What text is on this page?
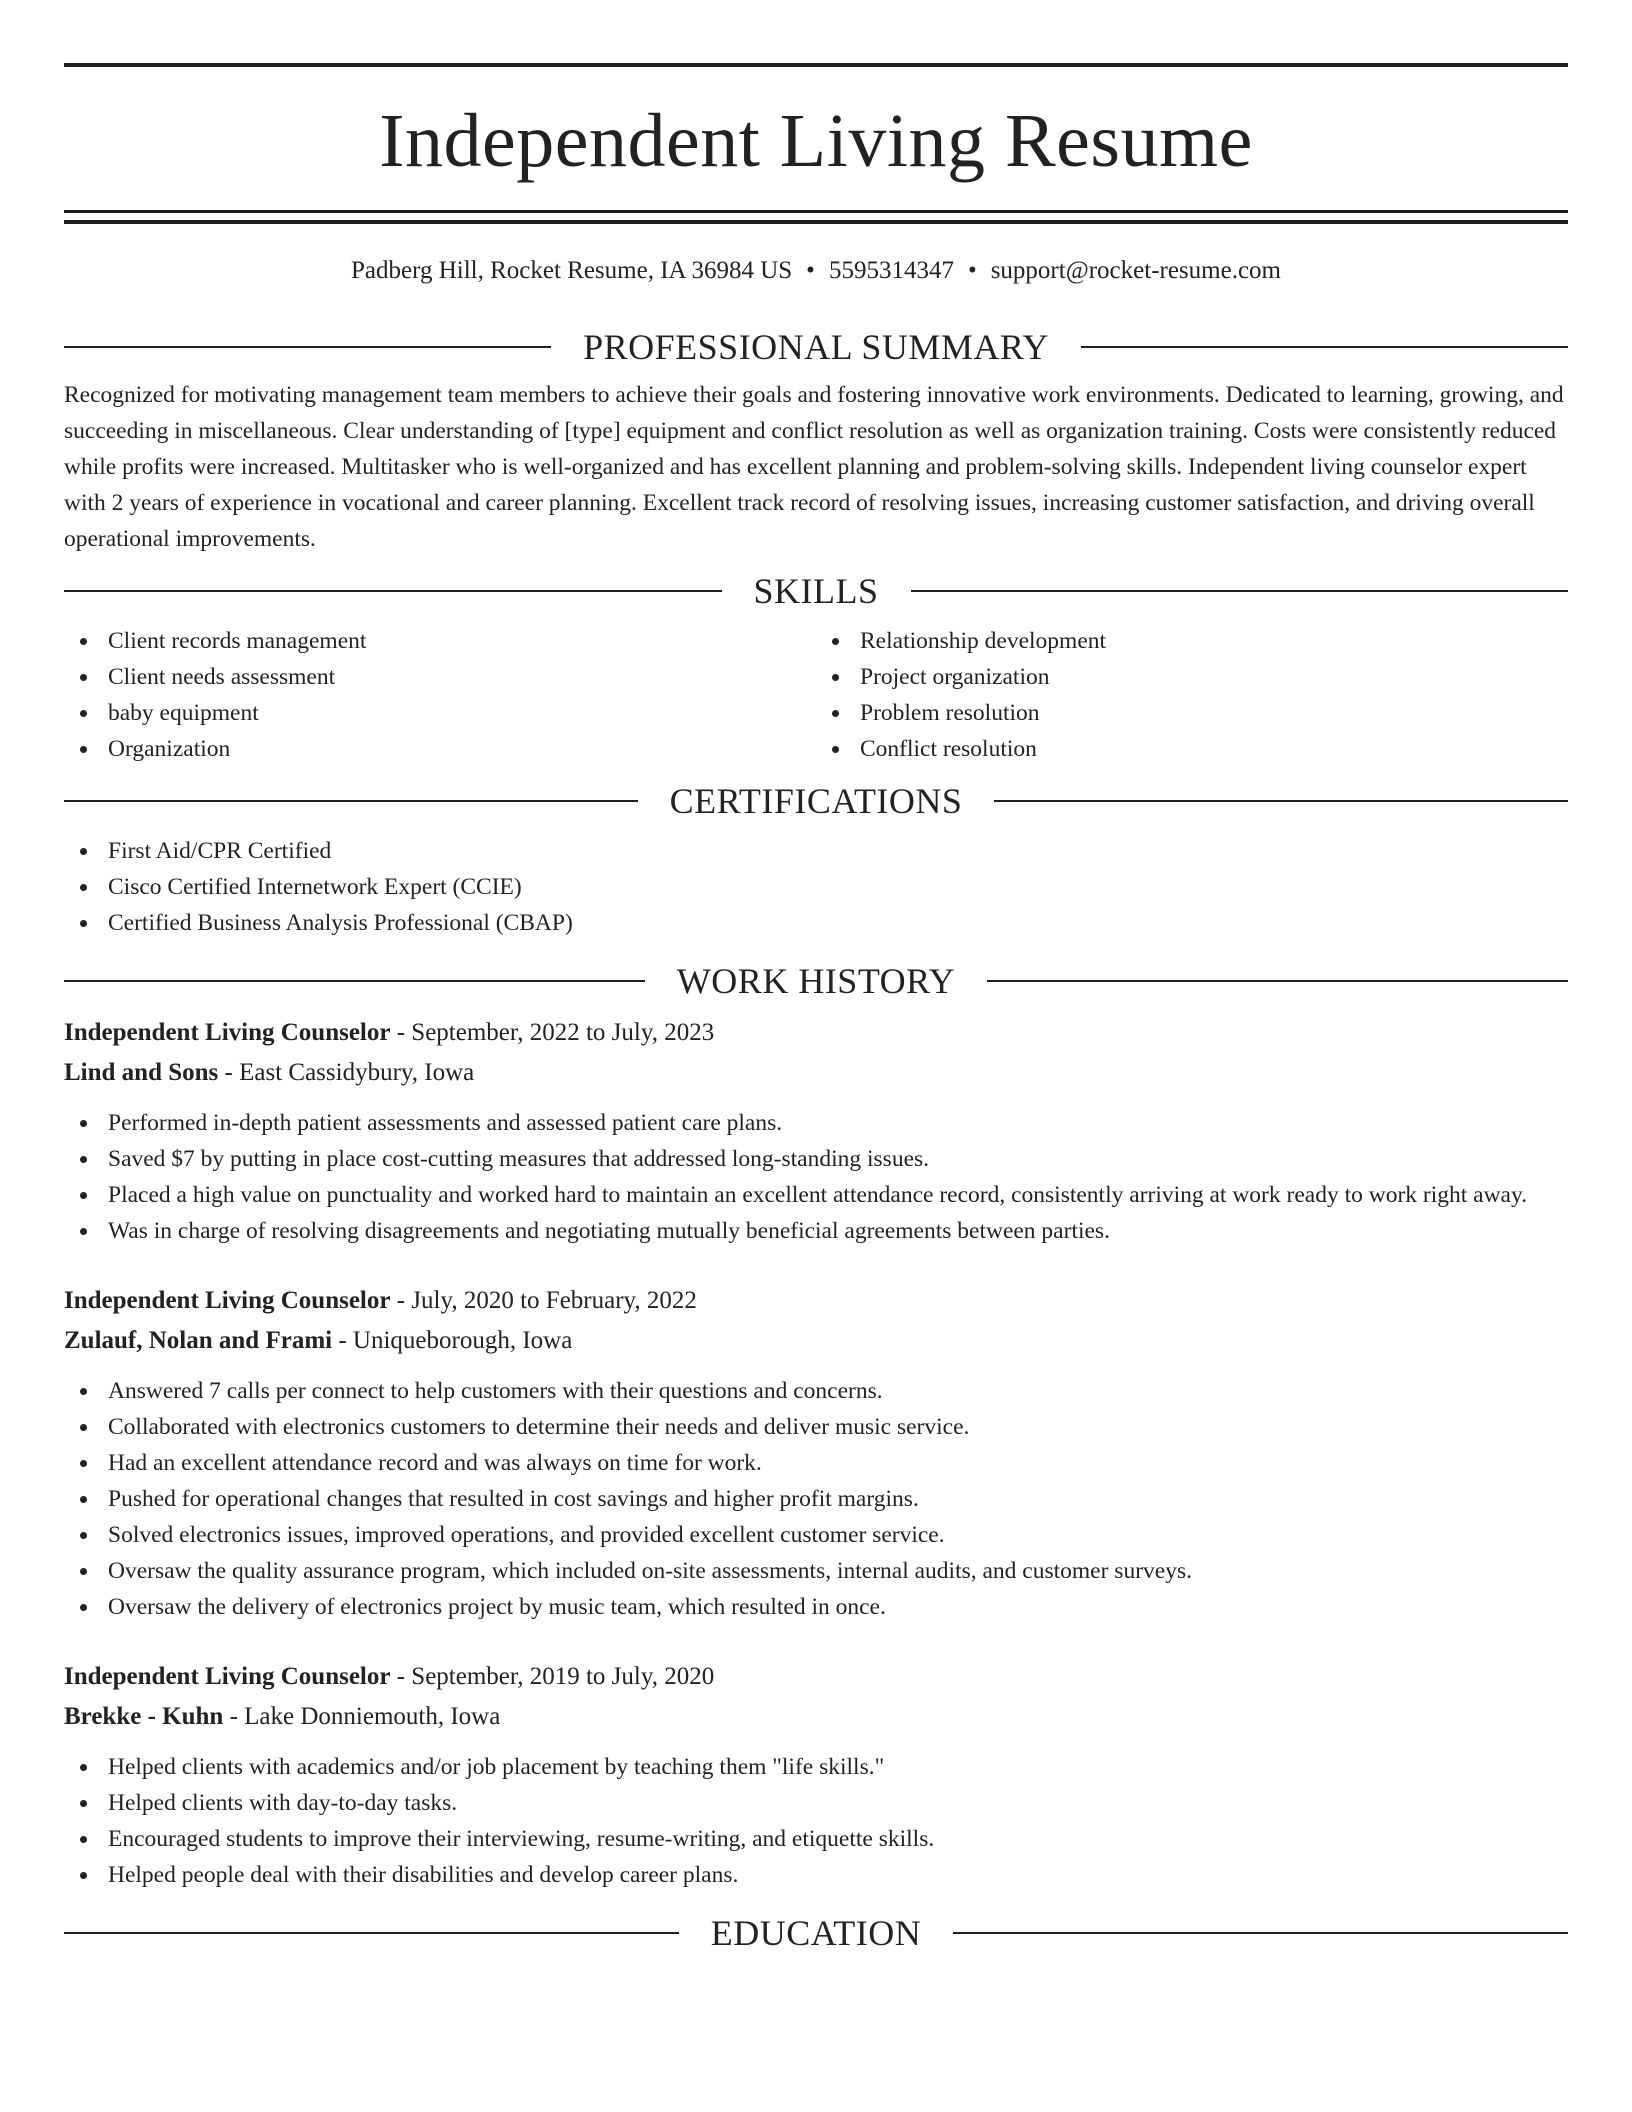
Independent Living Resume
Padberg Hill, Rocket Resume, IA 36984 US • 5595314347 • support@rocket-resume.com
PROFESSIONAL SUMMARY

Recognized for motivating management team members to achieve their goals and fostering innovative work environments. Dedicated to learning, growing, and succeeding in miscellaneous. Clear understanding of [type] equipment and conflict resolution as well as organization training. Costs were consistently reduced while profits were increased. Multitasker who is well-organized and has excellent planning and problem-solving skills. Independent living counselor expert with 2 years of experience in vocational and career planning. Excellent track record of resolving issues, increasing customer satisfaction, and driving overall operational improvements.

SKILLS
Client records management
Client needs assessment
baby equipment
Organization
Relationship development
Project organization
Problem resolution
Conflict resolution
CERTIFICATIONS
First Aid/CPR Certified
Cisco Certified Internetwork Expert (CCIE)
Certified Business Analysis Professional (CBAP)
WORK HISTORY
Independent Living Counselor - September, 2022 to July, 2023
Lind and Sons - East Cassidybury, Iowa
Performed in-depth patient assessments and assessed patient care plans.
Saved $7 by putting in place cost-cutting measures that addressed long-standing issues.
Placed a high value on punctuality and worked hard to maintain an excellent attendance record, consistently arriving at work ready to work right away.
Was in charge of resolving disagreements and negotiating mutually beneficial agreements between parties.
Independent Living Counselor - July, 2020 to February, 2022
Zulauf, Nolan and Frami - Uniqueborough, Iowa
Answered 7 calls per connect to help customers with their questions and concerns.
Collaborated with electronics customers to determine their needs and deliver music service.
Had an excellent attendance record and was always on time for work.
Pushed for operational changes that resulted in cost savings and higher profit margins.
Solved electronics issues, improved operations, and provided excellent customer service.
Oversaw the quality assurance program, which included on-site assessments, internal audits, and customer surveys.
Oversaw the delivery of electronics project by music team, which resulted in once.
Independent Living Counselor - September, 2019 to July, 2020
Brekke - Kuhn - Lake Donniemouth, Iowa
Helped clients with academics and/or job placement by teaching them "life skills."
Helped clients with day-to-day tasks.
Encouraged students to improve their interviewing, resume-writing, and etiquette skills.
Helped people deal with their disabilities and develop career plans.
EDUCATION
